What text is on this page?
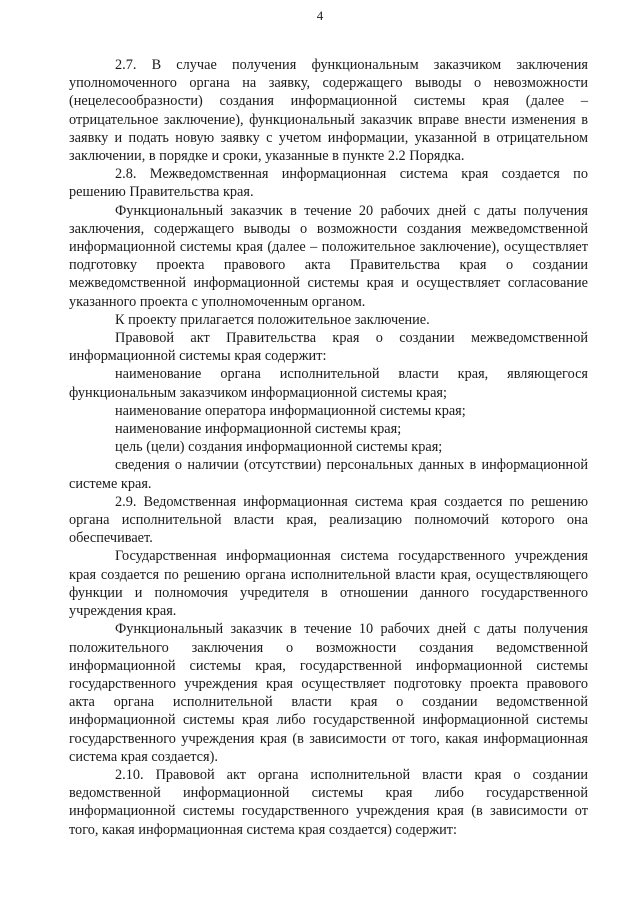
4

2.7. В случае получения функциональным заказчиком заключения уполномоченного органа на заявку, содержащего выводы о невозможности (нецелесообразности) создания информационной системы края (далее – отрицательное заключение), функциональный заказчик вправе внести изменения в заявку и подать новую заявку с учетом информации, указанной в отрицательном заключении, в порядке и сроки, указанные в пункте 2.2 Порядка.

2.8. Межведомственная информационная система края создается по решению Правительства края.

Функциональный заказчик в течение 20 рабочих дней с даты получения заключения, содержащего выводы о возможности создания межведомственной информационной системы края (далее – положительное заключение), осуществляет подготовку проекта правового акта Правительства края о создании межведомственной информационной системы края и осуществляет согласование указанного проекта с уполномоченным органом.

К проекту прилагается положительное заключение.

Правовой акт Правительства края о создании межведомственной информационной системы края содержит:

наименование органа исполнительной власти края, являющегося функциональным заказчиком информационной системы края;

наименование оператора информационной системы края;

наименование информационной системы края;

цель (цели) создания информационной системы края;

сведения о наличии (отсутствии) персональных данных в информационной системе края.

2.9. Ведомственная информационная система края создается по решению органа исполнительной власти края, реализацию полномочий которого она обеспечивает.

Государственная информационная система государственного учреждения края создается по решению органа исполнительной власти края, осуществляющего функции и полномочия учредителя в отношении данного государственного учреждения края.

Функциональный заказчик в течение 10 рабочих дней с даты получения положительного заключения о возможности создания ведомственной информационной системы края, государственной информационной системы государственного учреждения края осуществляет подготовку проекта правового акта органа исполнительной власти края о создании ведомственной информационной системы края либо государственной информационной системы государственного учреждения края (в зависимости от того, какая информационная система края создается).

2.10. Правовой акт органа исполнительной власти края о создании ведомственной информационной системы края либо государственной информационной системы государственного учреждения края (в зависимости от того, какая информационная система края создается) содержит:
